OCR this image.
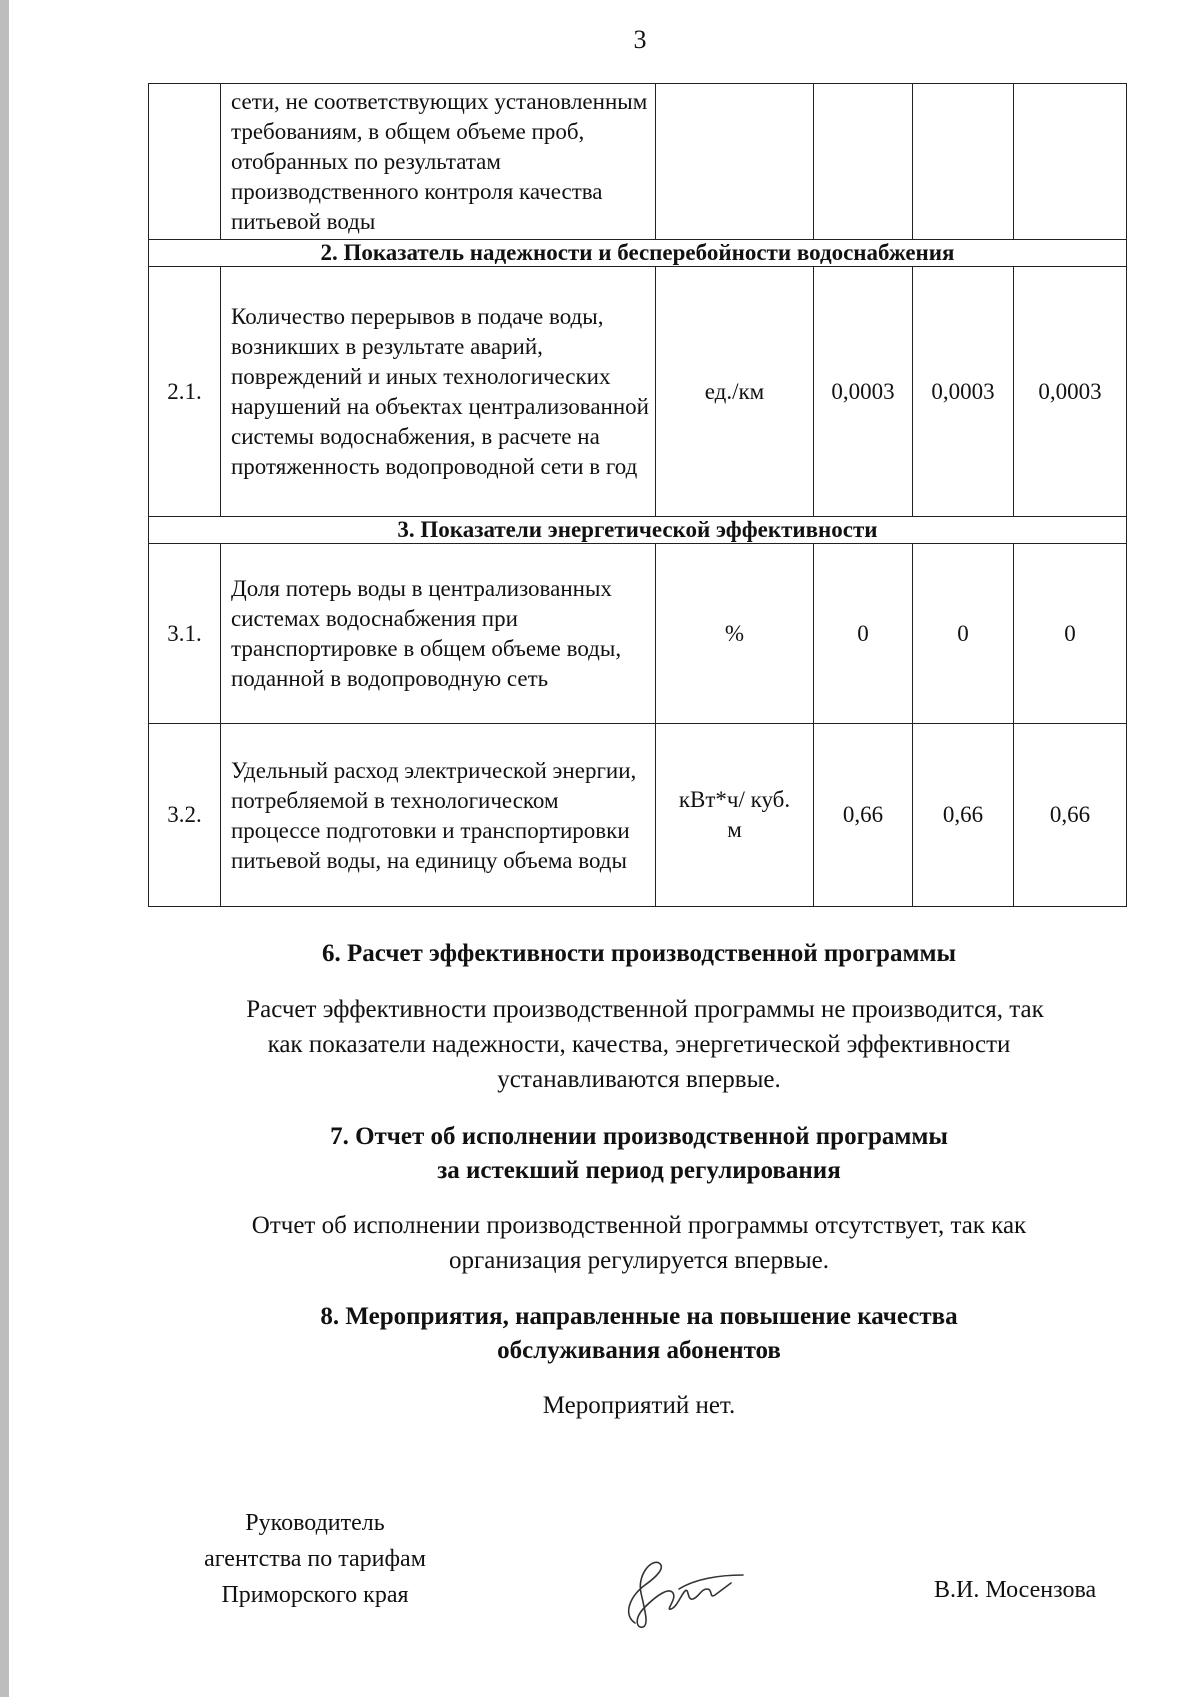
3
	сети, не соответствующих установленным требованиям, в общем объеме проб, отобранных по результатам производственного контроля качества питьевой воды				
2. Показатель надежности и бесперебойности водоснабжения					
2.1.	Количество перерывов в подаче воды, возникших в результате аварий, повреждений и иных технологических нарушений на объектах централизованной системы водоснабжения, в расчете на протяженность водопроводной сети в год	ед./км	0,0003	0,0003	0,0003
3. Показатели энергетической эффективности					
3.1.	Доля потерь воды в централизованных системах водоснабжения при транспортировке в общем объеме воды, поданной в водопроводную сеть	%	0	0	0
3.2.	Удельный расход электрической энергии, потребляемой в технологическом процессе подготовки и транспортировки питьевой воды, на единицу объема воды	кВт*ч/ куб. м	0,66	0,66	0,66
6. Расчет эффективности производственной программы
Расчет эффективности производственной программы не производится, так
как показатели надежности, качества, энергетической эффективности
устанавливаются впервые.
7. Отчет об исполнении производственной программы
за истекший период регулирования
Отчет об исполнении производственной программы отсутствует, так как
организация регулируется впервые.
8. Мероприятия, направленные на повышение качества
обслуживания абонентов
Мероприятий нет.
Руководитель
агентства по тарифам
Приморского края	В.И. Мосензова
